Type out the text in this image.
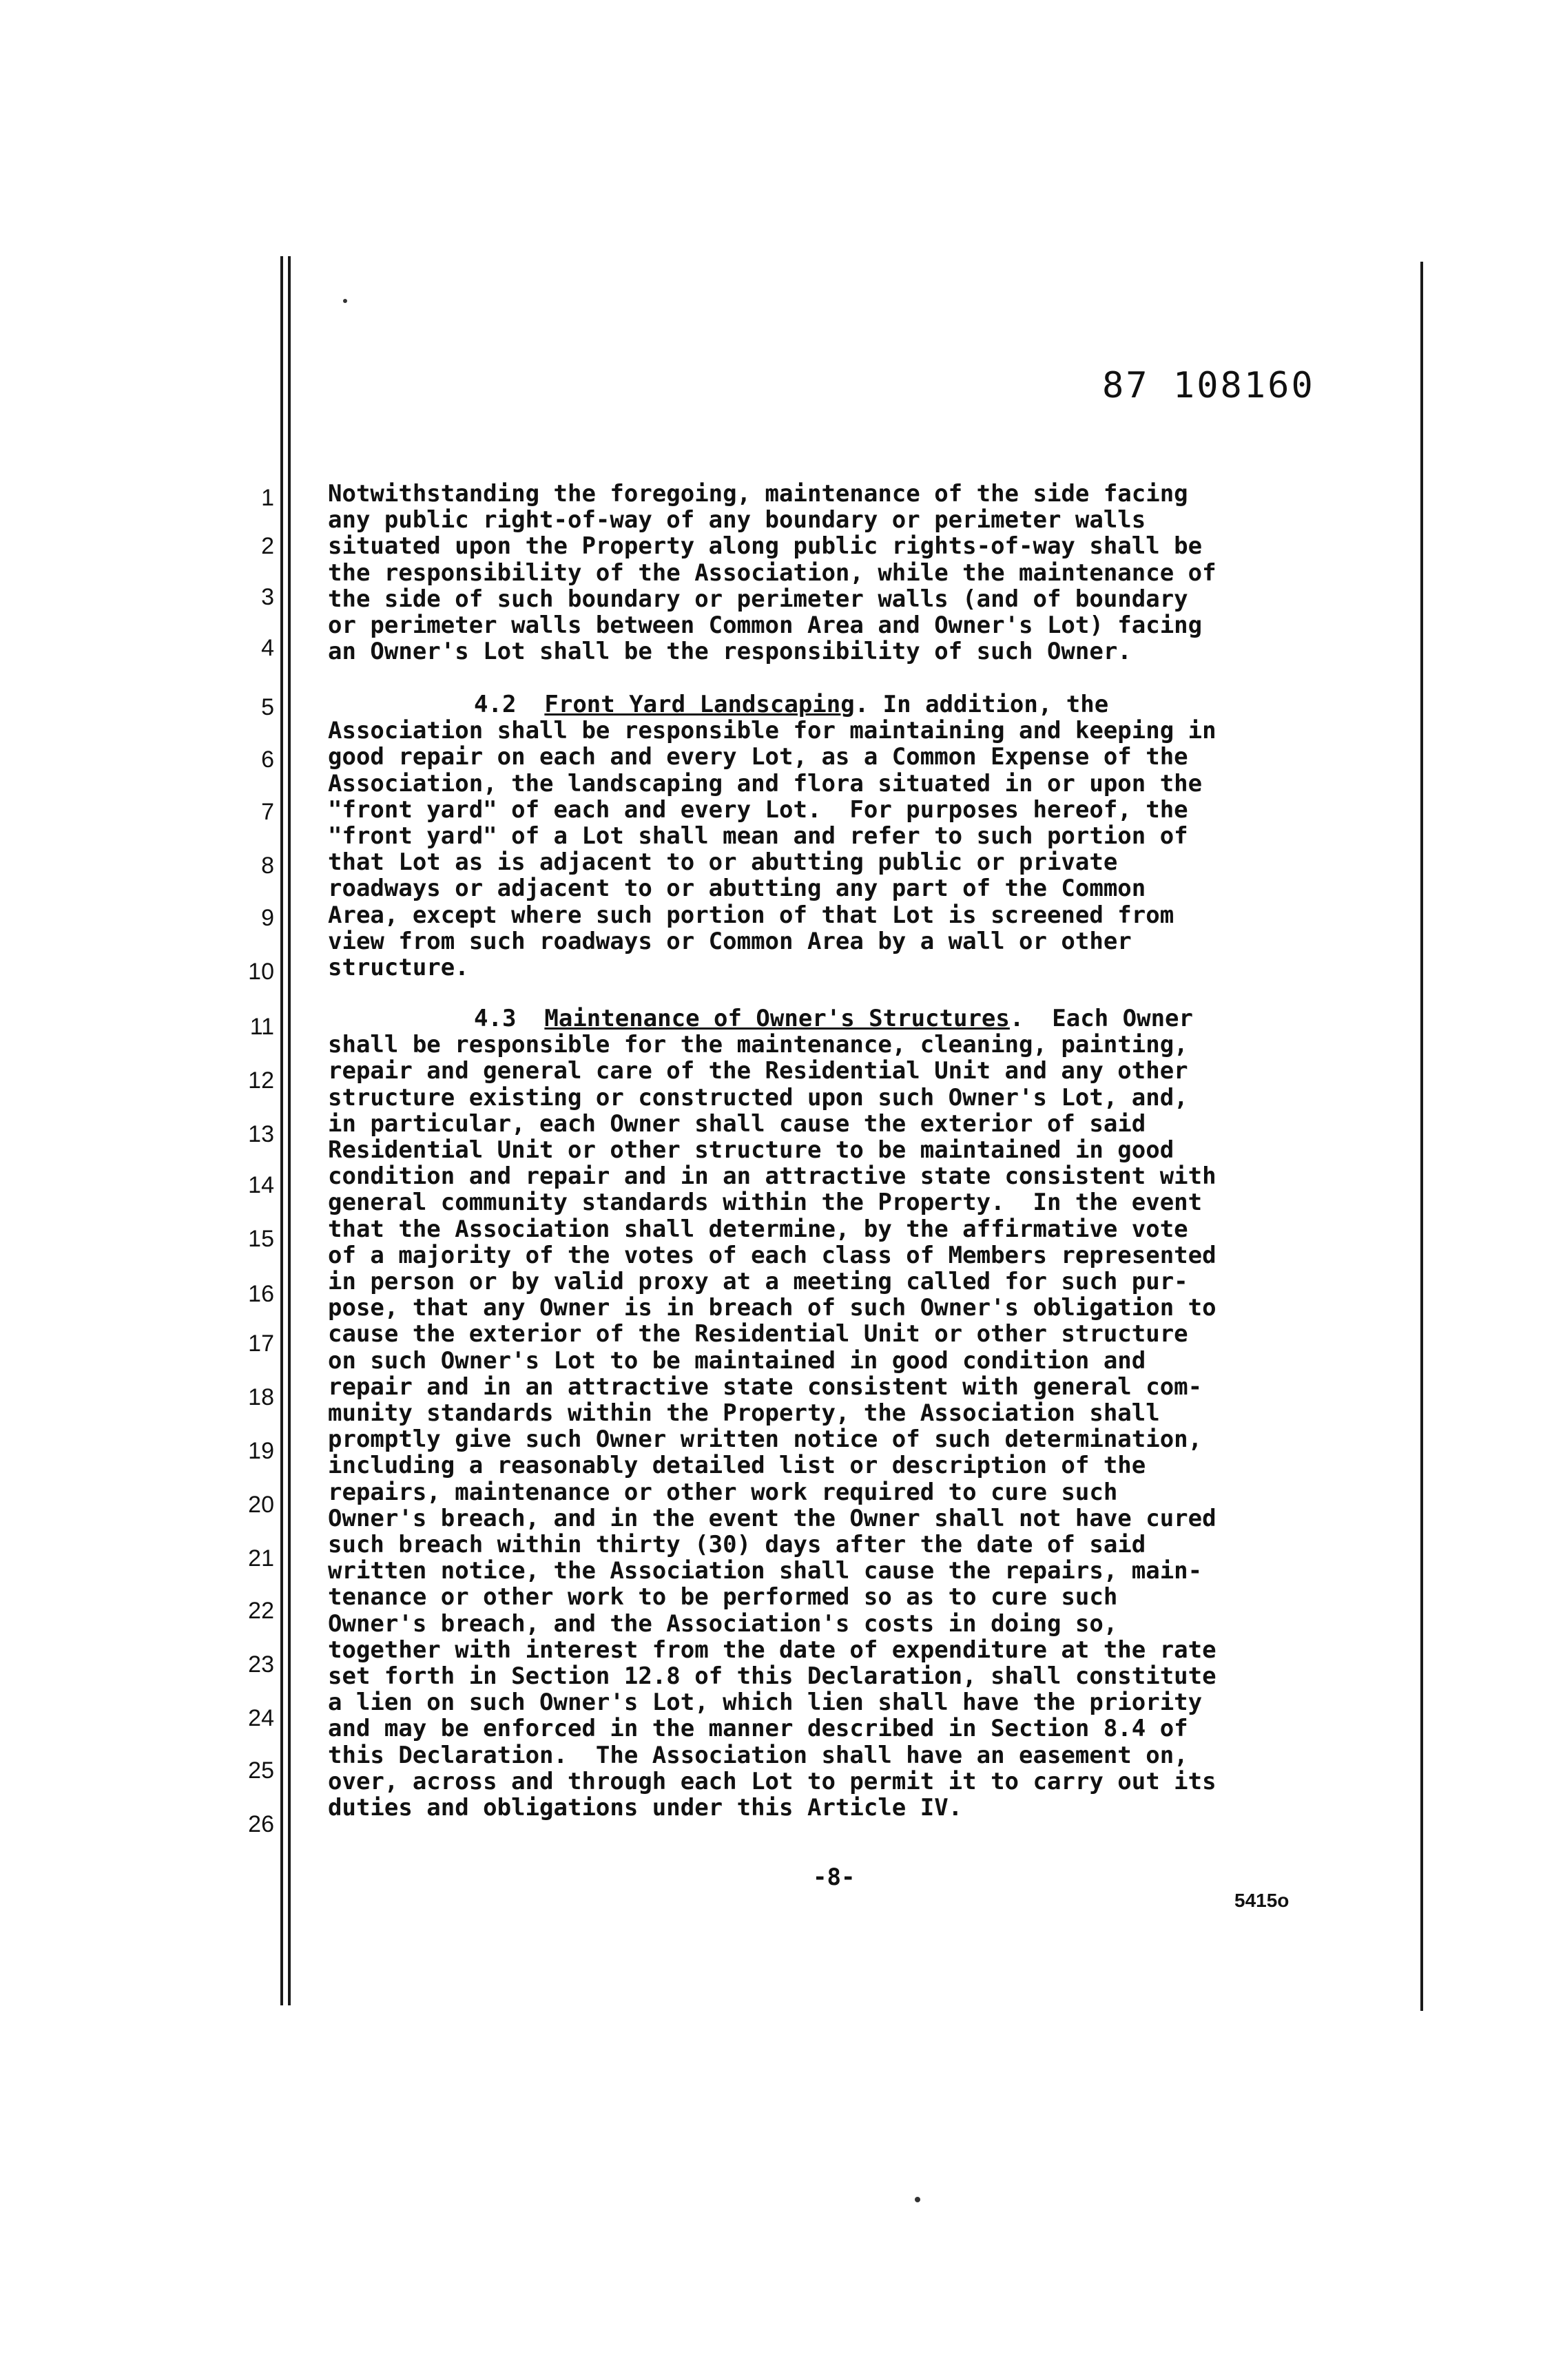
87 108160
1
2
3
4
5
6
7
8
9
10
11
12
13
14
15
16
17
18
19
20
21
22
23
24
25
26
Notwithstanding the foregoing, maintenance of the side facing
any public right-of-way of any boundary or perimeter walls
situated upon the Property along public rights-of-way shall be
the responsibility of the Association, while the maintenance of
the side of such boundary or perimeter walls (and of boundary
or perimeter walls between Common Area and Owner's Lot) facing
an Owner's Lot shall be the responsibility of such Owner.
4.2 Front Yard Landscaping. In addition, the
Association shall be responsible for maintaining and keeping in
good repair on each and every Lot, as a Common Expense of the
Association, the landscaping and flora situated in or upon the
"front yard" of each and every Lot.  For purposes hereof, the
"front yard" of a Lot shall mean and refer to such portion of
that Lot as is adjacent to or abutting public or private
roadways or adjacent to or abutting any part of the Common
Area, except where such portion of that Lot is screened from
view from such roadways or Common Area by a wall or other
structure.
4.3 Maintenance of Owner's Structures.  Each Owner
shall be responsible for the maintenance, cleaning, painting,
repair and general care of the Residential Unit and any other
structure existing or constructed upon such Owner's Lot, and,
in particular, each Owner shall cause the exterior of said
Residential Unit or other structure to be maintained in good
condition and repair and in an attractive state consistent with
general community standards within the Property.  In the event
that the Association shall determine, by the affirmative vote
of a majority of the votes of each class of Members represented
in person or by valid proxy at a meeting called for such pur-
pose, that any Owner is in breach of such Owner's obligation to
cause the exterior of the Residential Unit or other structure
on such Owner's Lot to be maintained in good condition and
repair and in an attractive state consistent with general com-
munity standards within the Property, the Association shall
promptly give such Owner written notice of such determination,
including a reasonably detailed list or description of the
repairs, maintenance or other work required to cure such
Owner's breach, and in the event the Owner shall not have cured
such breach within thirty (30) days after the date of said
written notice, the Association shall cause the repairs, main-
tenance or other work to be performed so as to cure such
Owner's breach, and the Association's costs in doing so,
together with interest from the date of expenditure at the rate
set forth in Section 12.8 of this Declaration, shall constitute
a lien on such Owner's Lot, which lien shall have the priority
and may be enforced in the manner described in Section 8.4 of
this Declaration.  The Association shall have an easement on,
over, across and through each Lot to permit it to carry out its
duties and obligations under this Article IV.
-8-
5415o
